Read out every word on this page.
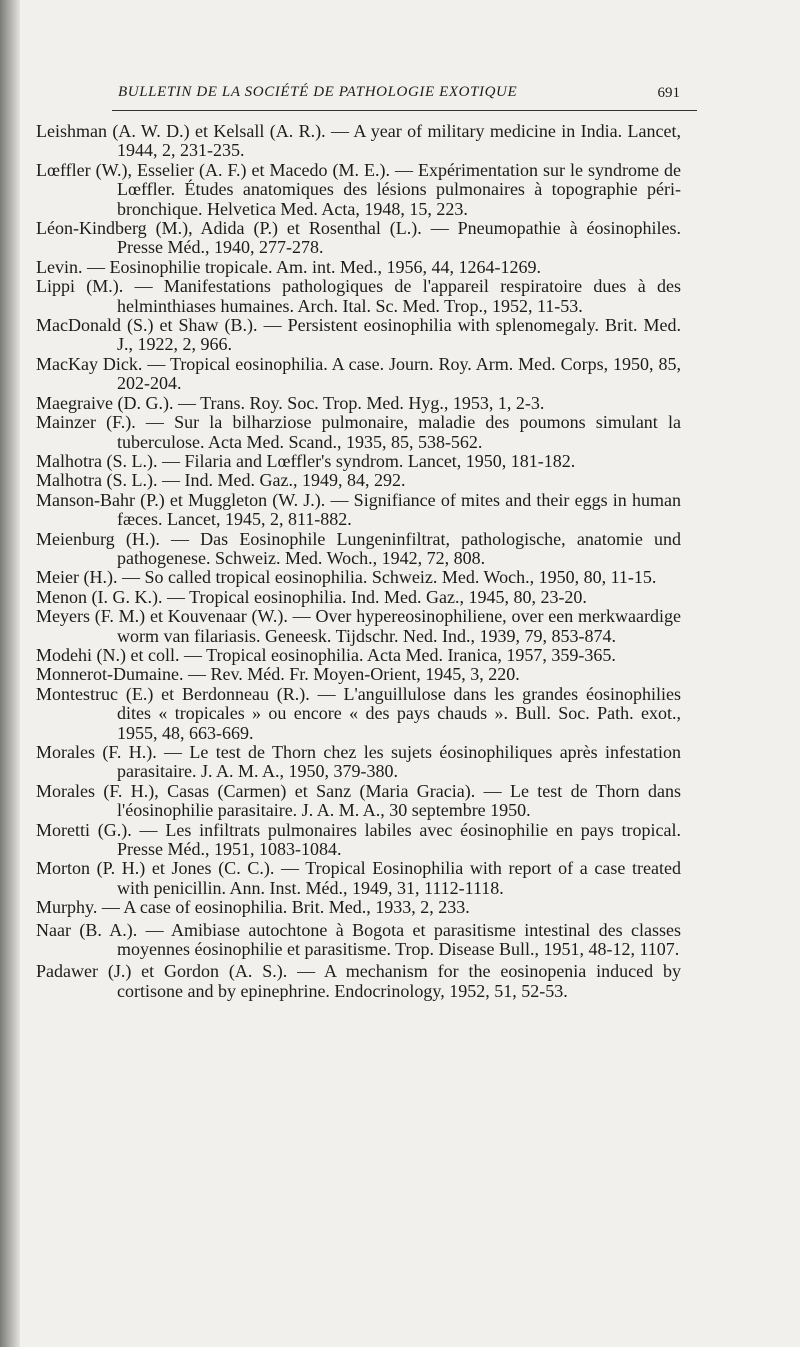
BULLETIN DE LA SOCIÉTÉ DE PATHOLOGIE EXOTIQUE	691

Leishman (A. W. D.) et Kelsall (A. R.). — A year of military medicine in India. Lancet, 1944, 2, 231-235.

Lœffler (W.), Esselier (A. F.) et Macedo (M. E.). — Expérimentation sur le syndrome de Lœffler. Études anatomiques des lésions pulmonaires à topographie péri-bronchique. Helvetica Med. Acta, 1948, 15, 223.

Léon-Kindberg (M.), Adida (P.) et Rosenthal (L.). — Pneumopathie à éosinophiles. Presse Méd., 1940, 277-278.

Levin. — Eosinophilie tropicale. Am. int. Med., 1956, 44, 1264-1269.

Lippi (M.). — Manifestations pathologiques de l'appareil respiratoire dues à des helminthiases humaines. Arch. Ital. Sc. Med. Trop., 1952, 11-53.

MacDonald (S.) et Shaw (B.). — Persistent eosinophilia with splenomegaly. Brit. Med. J., 1922, 2, 966.

MacKay Dick. — Tropical eosinophilia. A case. Journ. Roy. Arm. Med. Corps, 1950, 85, 202-204.

Maegraive (D. G.). — Trans. Roy. Soc. Trop. Med. Hyg., 1953, 1, 2-3.

Mainzer (F.). — Sur la bilharziose pulmonaire, maladie des poumons simulant la tuberculose. Acta Med. Scand., 1935, 85, 538-562.

Malhotra (S. L.). — Filaria and Lœffler's syndrom. Lancet, 1950, 181-182.

Malhotra (S. L.). — Ind. Med. Gaz., 1949, 84, 292.

Manson-Bahr (P.) et Muggleton (W. J.). — Signifiance of mites and their eggs in human fæces. Lancet, 1945, 2, 811-882.

Meienburg (H.). — Das Eosinophile Lungeninfiltrat, pathologische, anatomie und pathogenese. Schweiz. Med. Woch., 1942, 72, 808.

Meier (H.). — So called tropical eosinophilia. Schweiz. Med. Woch., 1950, 80, 11-15.

Menon (I. G. K.). — Tropical eosinophilia. Ind. Med. Gaz., 1945, 80, 23-20.

Meyers (F. M.) et Kouvenaar (W.). — Over hypereosinophiliene, over een merkwaardige worm van filariasis. Geneesk. Tijdschr. Ned. Ind., 1939, 79, 853-874.

Modehi (N.) et coll. — Tropical eosinophilia. Acta Med. Iranica, 1957, 359-365.

Monnerot-Dumaine. — Rev. Méd. Fr. Moyen-Orient, 1945, 3, 220.

Montestruc (E.) et Berdonneau (R.). — L'anguillulose dans les grandes éosinophilies dites « tropicales » ou encore « des pays chauds ». Bull. Soc. Path. exot., 1955, 48, 663-669.

Morales (F. H.). — Le test de Thorn chez les sujets éosinophiliques après infestation parasitaire. J. A. M. A., 1950, 379-380.

Morales (F. H.), Casas (Carmen) et Sanz (Maria Gracia). — Le test de Thorn dans l'éosinophilie parasitaire. J. A. M. A., 30 septembre 1950.

Moretti (G.). — Les infiltrats pulmonaires labiles avec éosinophilie en pays tropical. Presse Méd., 1951, 1083-1084.

Morton (P. H.) et Jones (C. C.). — Tropical Eosinophilia with report of a case treated with penicillin. Ann. Inst. Méd., 1949, 31, 1112-1118.

Murphy. — A case of eosinophilia. Brit. Med., 1933, 2, 233.

Naar (B. A.). — Amibiase autochtone à Bogota et parasitisme intestinal des classes moyennes éosinophilie et parasitisme. Trop. Disease Bull., 1951, 48-12, 1107.

Padawer (J.) et Gordon (A. S.). — A mechanism for the eosinopenia induced by cortisone and by epinephrine. Endocrinology, 1952, 51, 52-53.
